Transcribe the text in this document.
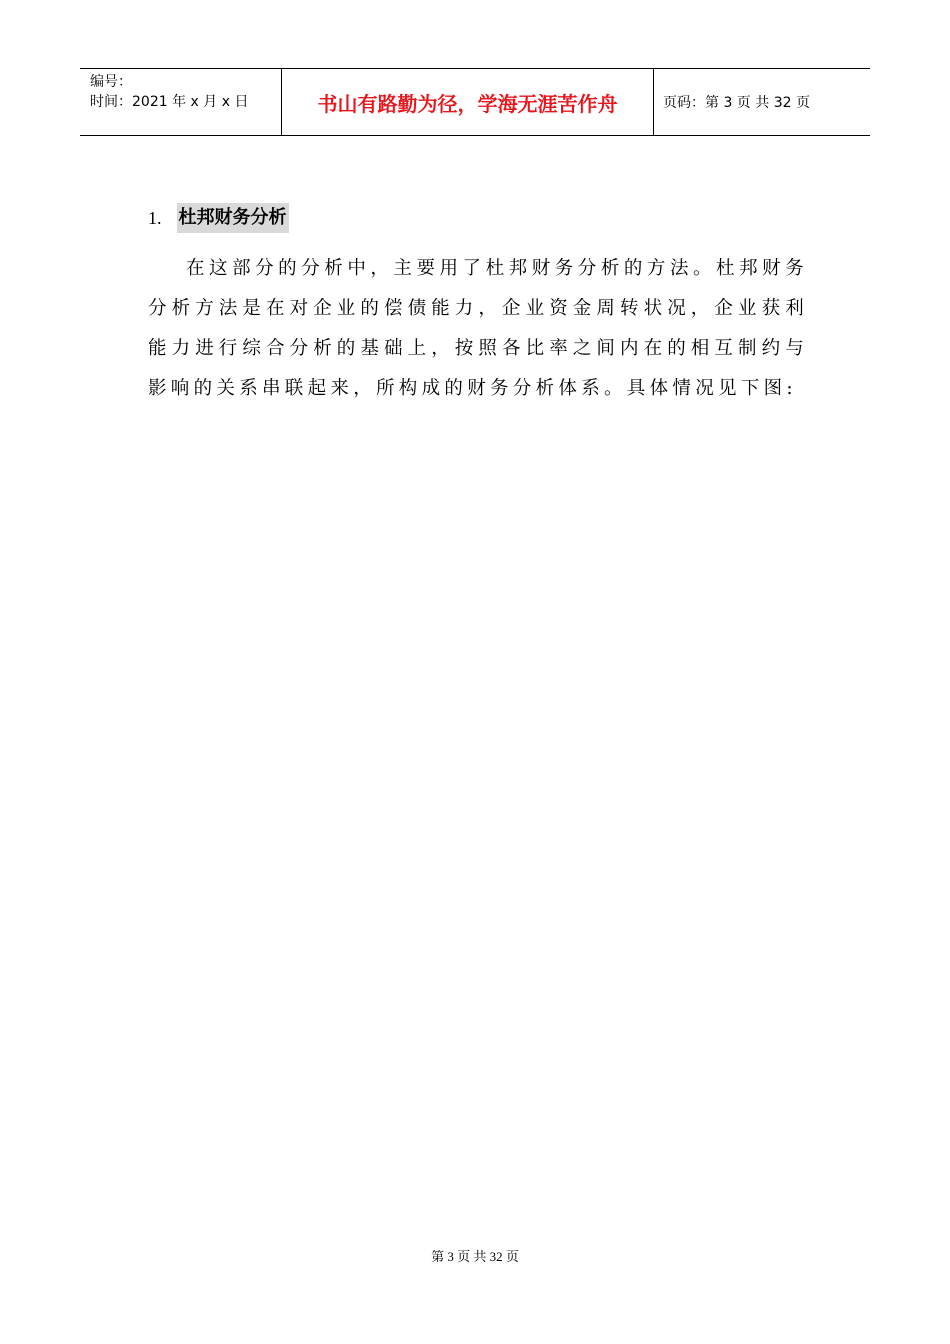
编号：
时间：2021 年 x 月 x 日	书山有路勤为径，学海无涯苦作舟	页码：第 3 页 共 32 页
1. 杜邦财务分析

在这部分的分析中，主要用了杜邦财务分析的方法。杜邦财务分析方法是在对企业的偿债能力，企业资金周转状况，企业获利能力进行综合分析的基础上，按照各比率之间内在的相互制约与影响的关系串联起来，所构成的财务分析体系。具体情况见下图:

第 3 页 共 32 页
